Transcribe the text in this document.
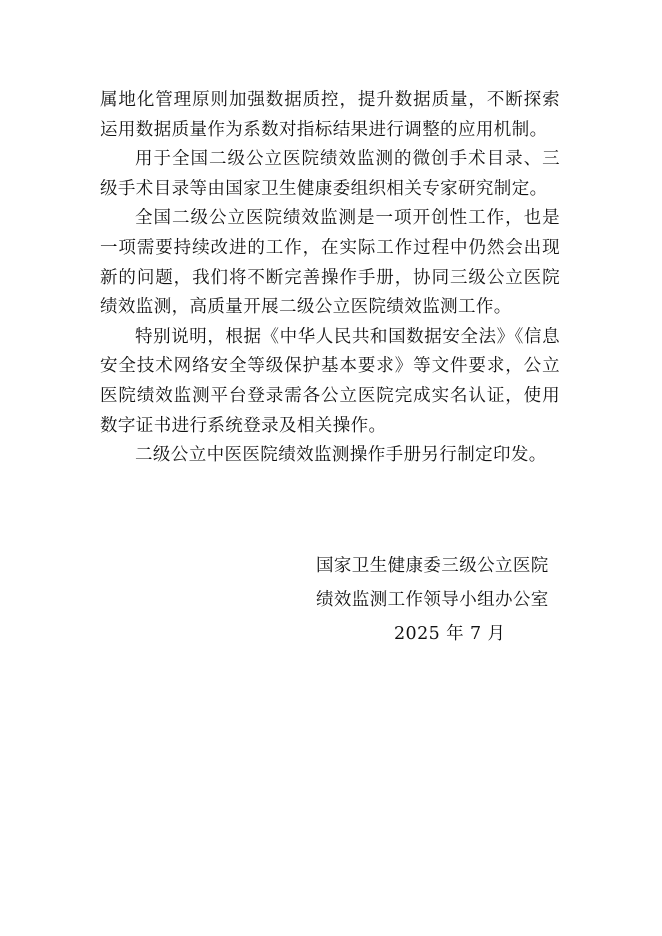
属地化管理原则加强数据质控，提升数据质量，不断探索运用数据质量作为系数对指标结果进行调整的应用机制。

用于全国二级公立医院绩效监测的微创手术目录、三级手术目录等由国家卫生健康委组织相关专家研究制定。

全国二级公立医院绩效监测是一项开创性工作，也是一项需要持续改进的工作，在实际工作过程中仍然会出现新的问题，我们将不断完善操作手册，协同三级公立医院绩效监测，高质量开展二级公立医院绩效监测工作。

特别说明，根据《中华人民共和国数据安全法》《信息安全技术网络安全等级保护基本要求》等文件要求，公立医院绩效监测平台登录需各公立医院完成实名认证，使用数字证书进行系统登录及相关操作。

二级公立中医医院绩效监测操作手册另行制定印发。

国家卫生健康委三级公立医院
绩效监测工作领导小组办公室
2025 年 7 月
